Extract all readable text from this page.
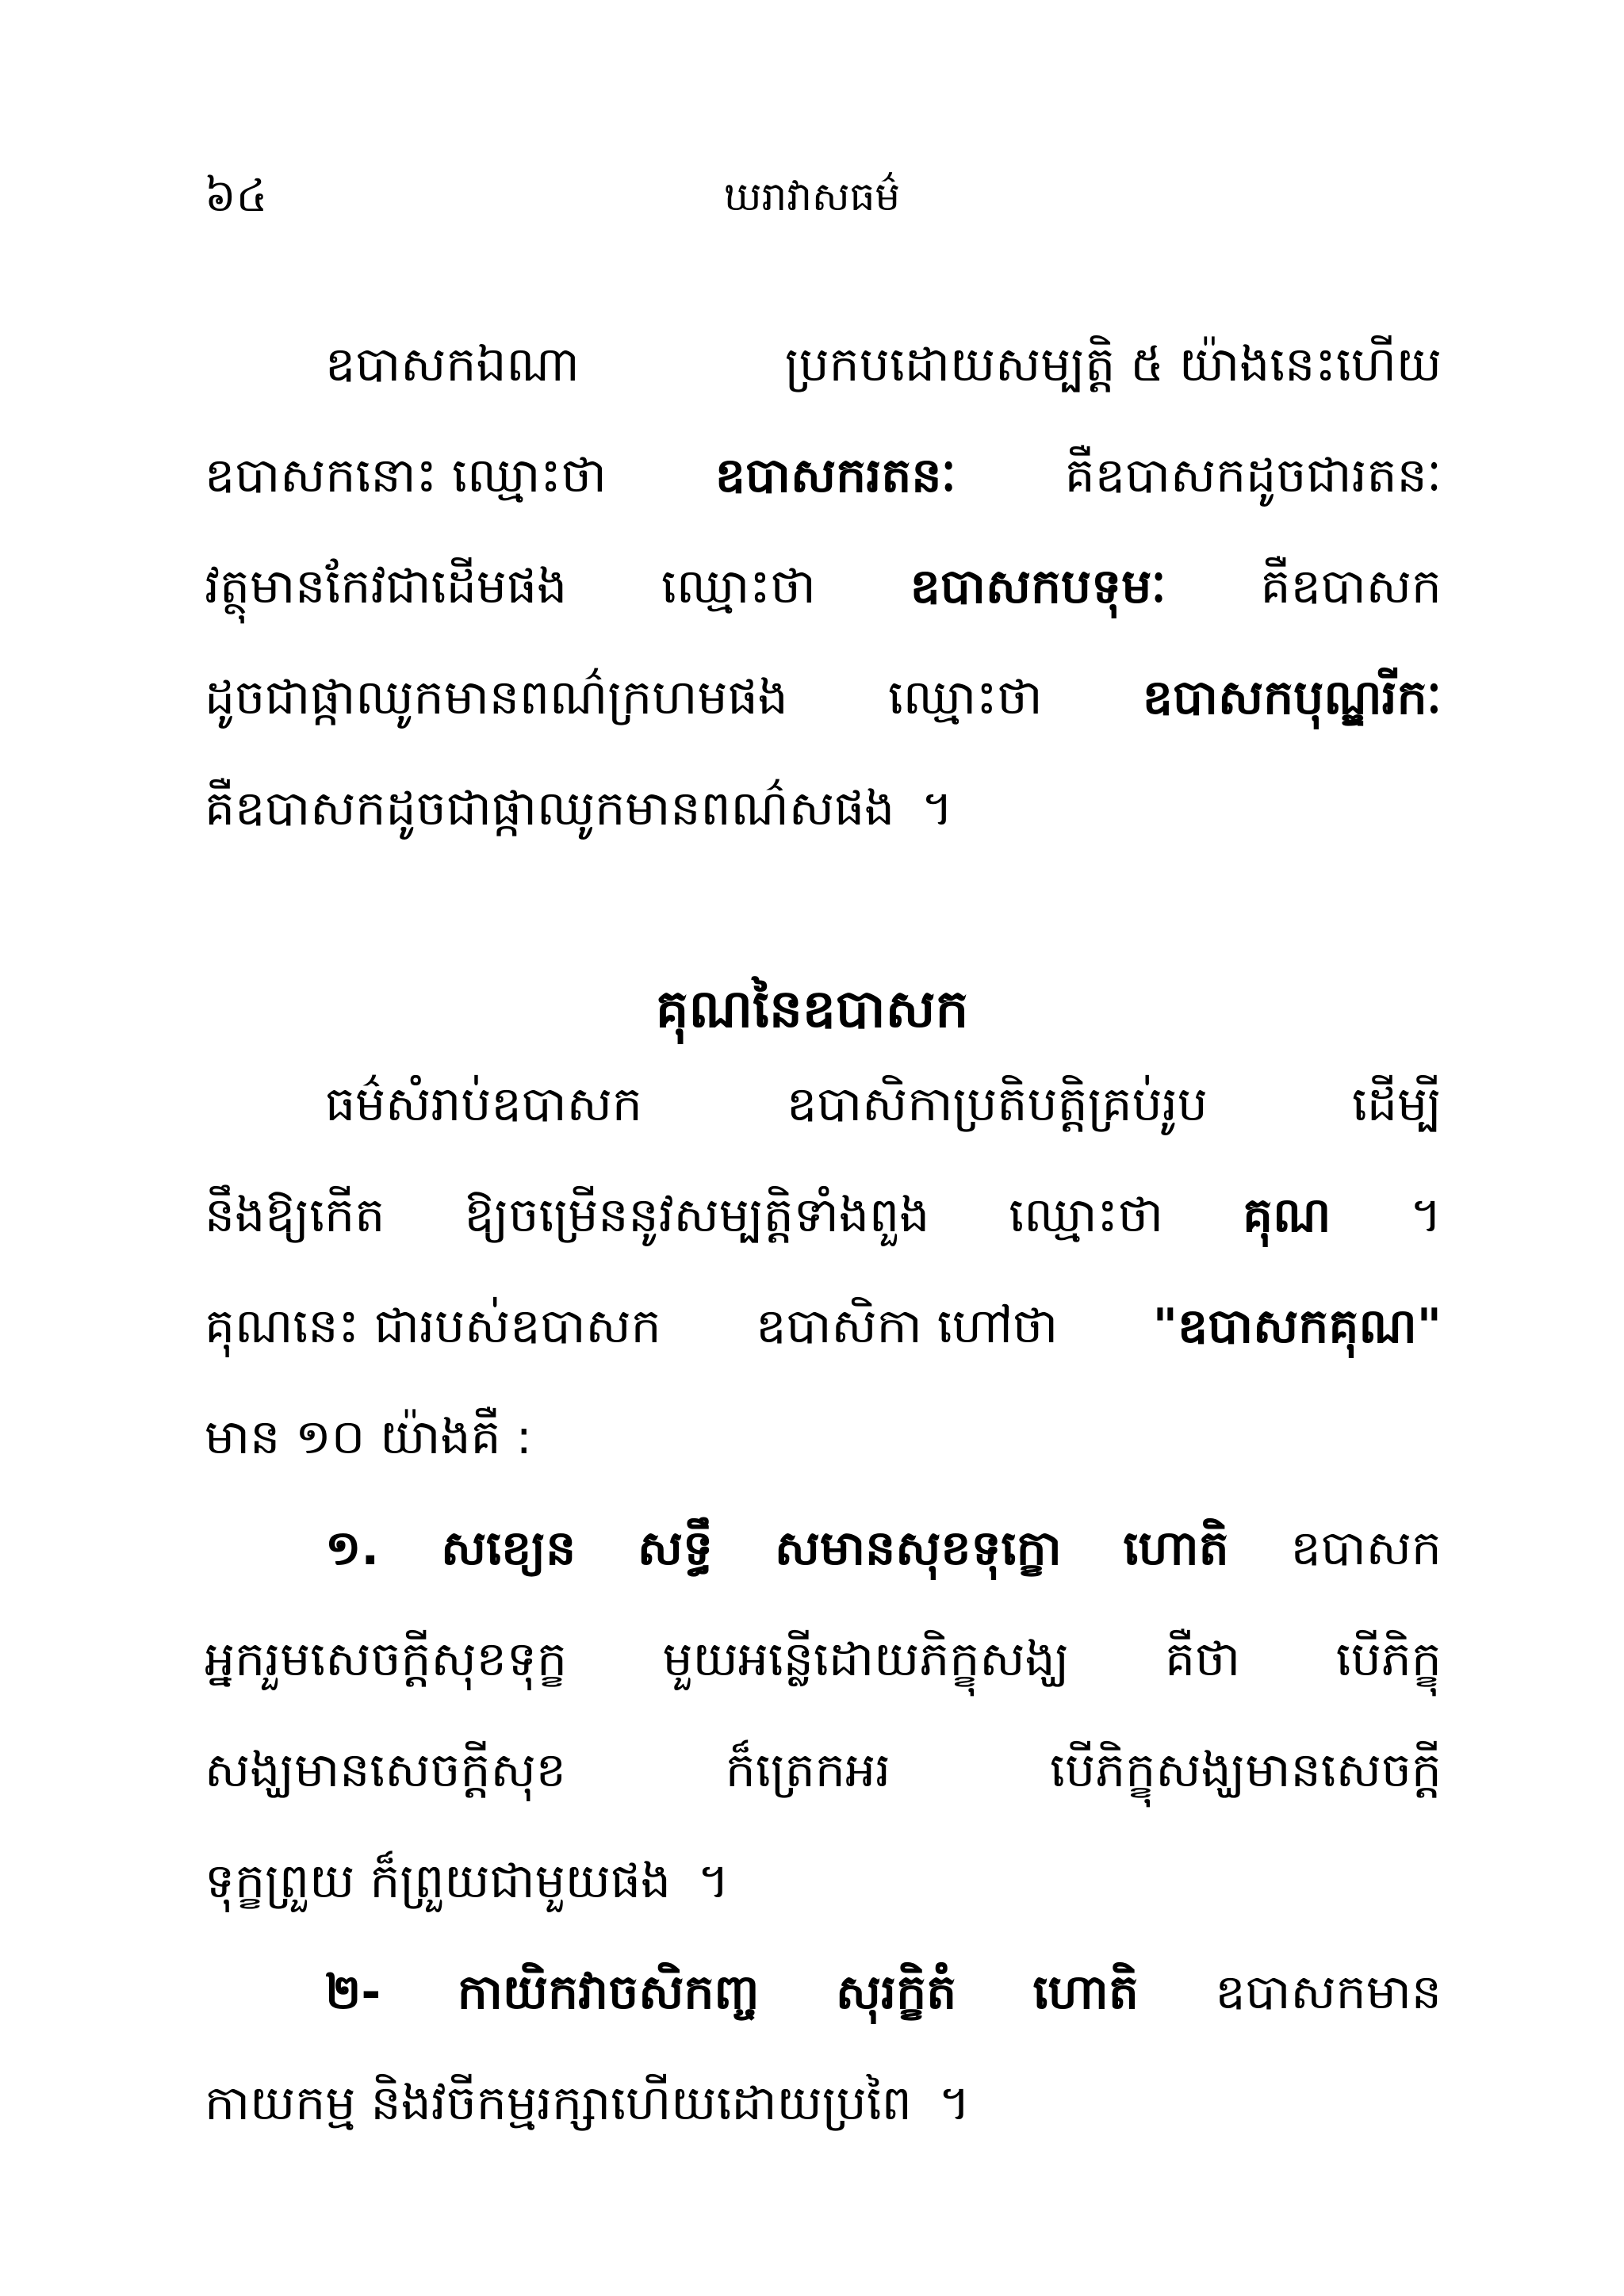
៦៤	ឃរាវាសធម៌
ឧបាសកឯណា	ប្រកបដោយសម្បត្តិ ៥ យ៉ាងនេះហើយ
ឧបាសកនោះ ឈ្មោះថា ឧបាសករតនៈ គឺឧបាសកដូចជារតនៈ
វត្ថុមានកែវជាដើមផង ឈ្មោះថា ឧបាសកបទុមៈ គឺឧបាសក
ដូចជាផ្កាឈូកមានពណ៌ក្រហមផង ឈ្មោះថា ឧបាសកបុណ្ឌរីកៈ
គឺឧបាសកដូចជាផ្កាឈូកមានពណ៌សផង ។
គុណនៃឧបាសក
ធម៌សំរាប់ឧបាសក	ឧបាសិកាប្រតិបត្តិគ្រប់រូប	ដើម្បី
នឹងឱ្យកើត ឱ្យចម្រើននូវសម្បត្តិទាំងពួង ឈ្មោះថា គុណ ។
គុណនេះ ជារបស់ឧបាសក ឧបាសិកា ហៅថា "ឧបាសកគុណ"
មាន ១០ យ៉ាងគឺ :
១. សខេ្យន សទ្ធឹ សមានសុខទុក្ខោ ហោតិ ឧបាសក
អ្នករួមសេចក្ដីសុខទុក្ខ មួយអន្លើដោយភិក្ខុសង្ឃ គឺថា បើភិក្ខុ
សង្ឃមានសេចក្ដីសុខ	ក៏ត្រេកអរ	បើភិក្ខុសង្ឃមានសេចក្ដី
ទុក្ខព្រួយ ក៏ព្រួយជាមួយផង ។
២- កាយិកវាចសិកញ្ច សុរក្ខិតំ ហោតិ ឧបាសកមាន
កាយកម្ម និងវចីកម្មរក្សាហើយដោយប្រពៃ ។
